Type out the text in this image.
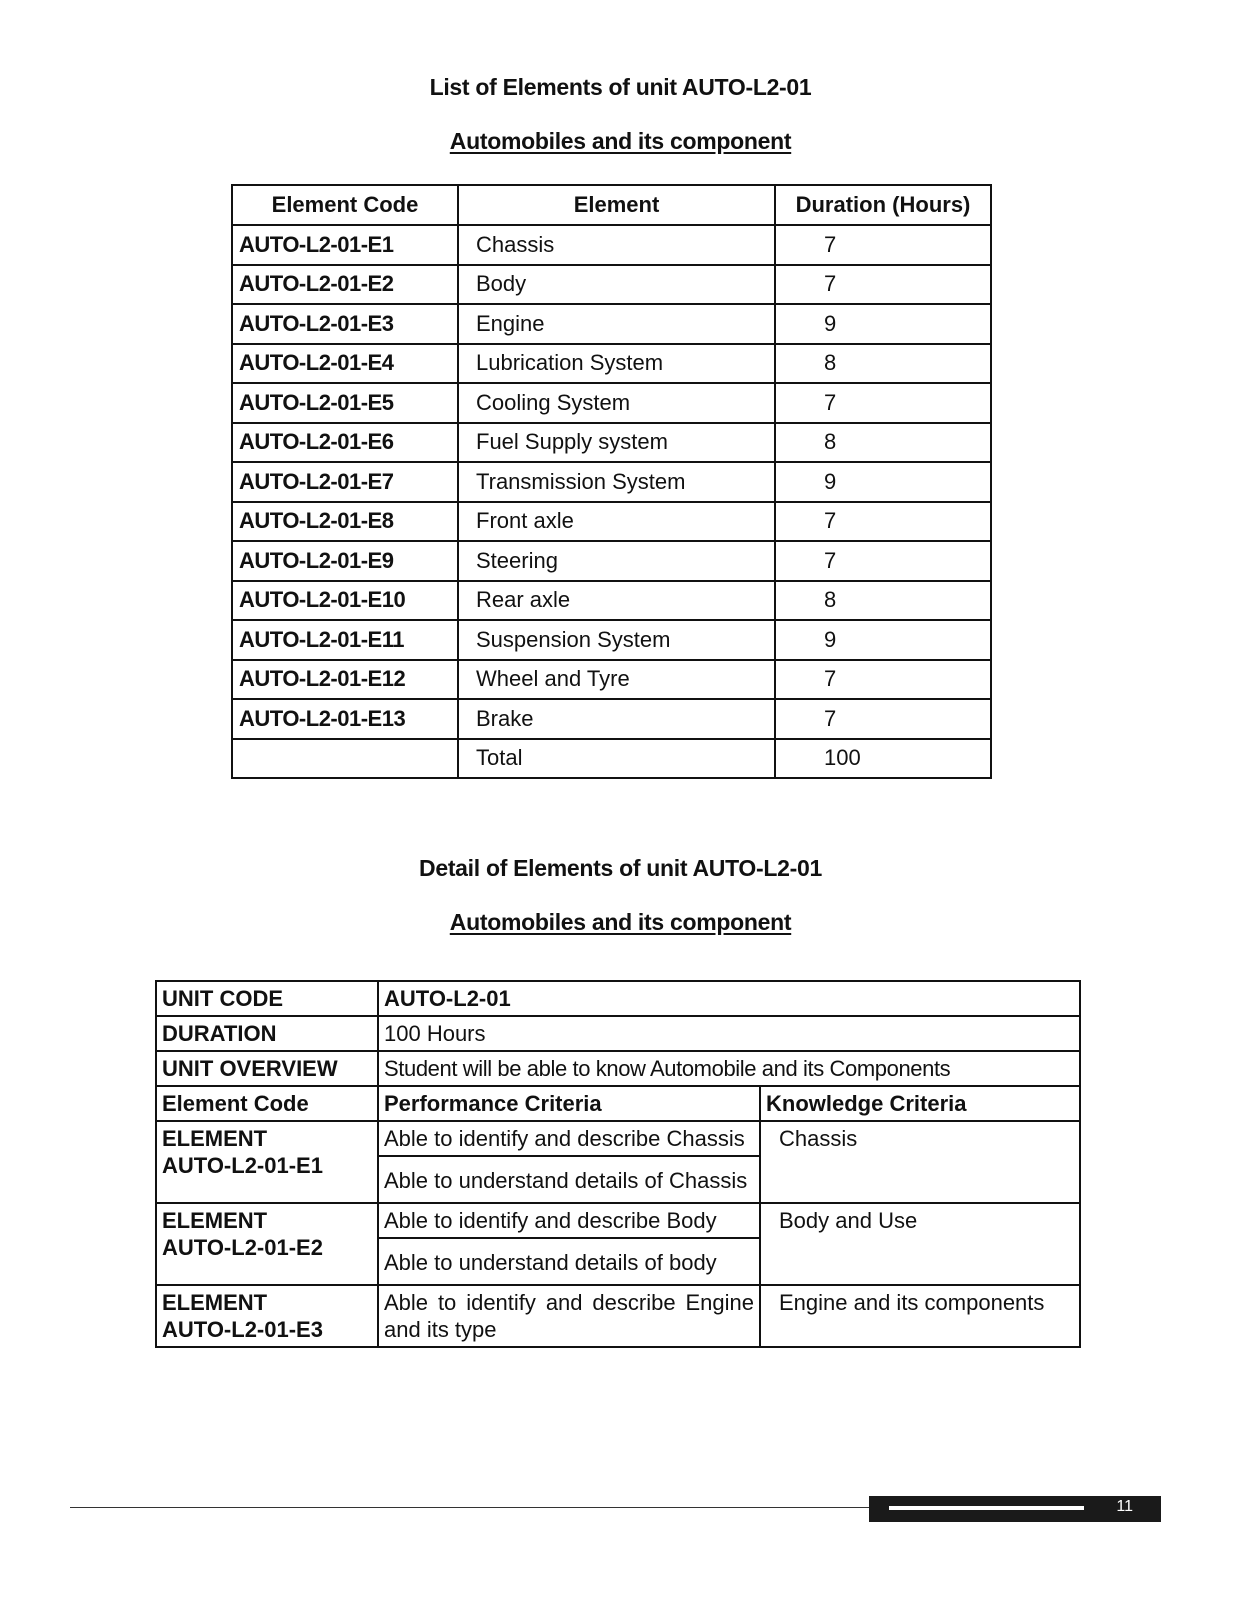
List of Elements of unit AUTO-L2-01
Automobiles and its component
Element Code	Element	Duration (Hours)
AUTO-L2-01-E1	Chassis	7
AUTO-L2-01-E2	Body	7
AUTO-L2-01-E3	Engine	9
AUTO-L2-01-E4	Lubrication System	8
AUTO-L2-01-E5	Cooling System	7
AUTO-L2-01-E6	Fuel Supply system	8
AUTO-L2-01-E7	Transmission System	9
AUTO-L2-01-E8	Front axle	7
AUTO-L2-01-E9	Steering	7
AUTO-L2-01-E10	Rear axle	8
AUTO-L2-01-E11	Suspension System	9
AUTO-L2-01-E12	Wheel and Tyre	7
AUTO-L2-01-E13	Brake	7
	Total	100
Detail of Elements of unit AUTO-L2-01
Automobiles and its component
UNIT CODE	AUTO-L2-01	
DURATION	100 Hours	
UNIT OVERVIEW	Student will be able to know Automobile and its Components	
Element Code	Performance Criteria	Knowledge Criteria
ELEMENT
AUTO-L2-01-E1	Able to identify and describe Chassis	Chassis
	Able to understand details of Chassis	
ELEMENT
AUTO-L2-01-E2	Able to identify and describe Body	Body and Use
	Able to understand details of body	
ELEMENT
AUTO-L2-01-E3	Able to identify and describe Engine and its type	Engine and its components
11
